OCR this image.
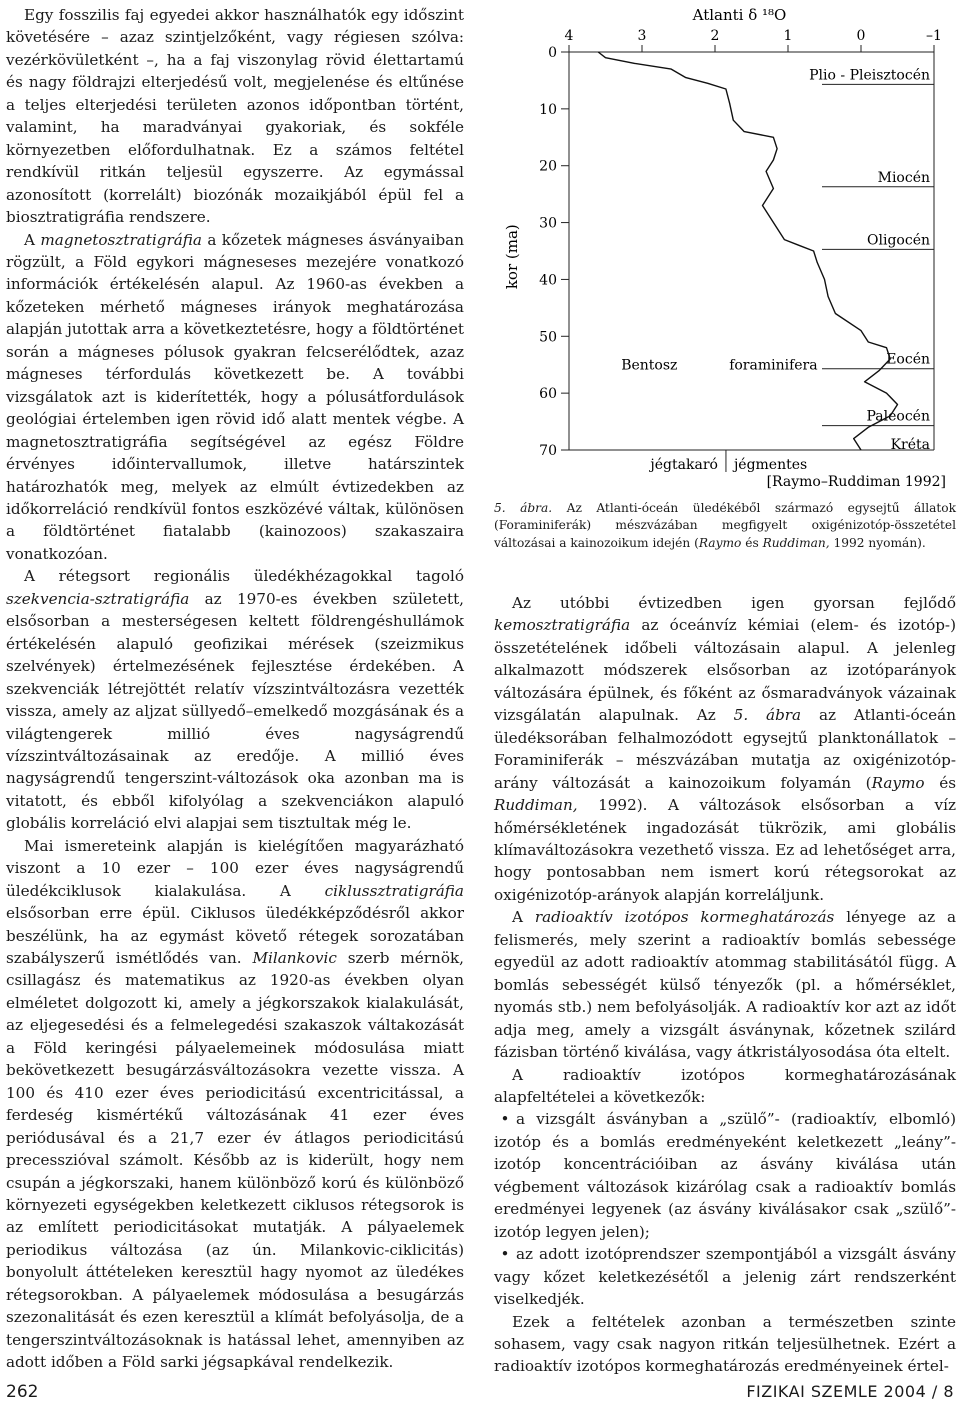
Egy fosszilis faj egyedei akkor használhatók egy időszint követésére – azaz szintjelzőként, vagy régiesen szólva: vezérkövületként –, ha a faj viszonylag rövid élettartamú és nagy földrajzi elterjedésű volt, megjelenése és eltűnése a teljes elterjedési területen azonos időpontban történt, valamint, ha maradványai gyakoriak, és sokféle környezetben előfordulhatnak. Ez a számos feltétel rendkívül ritkán teljesül egyszerre. Az egymással azonosított (korrelált) biozónák mozaikjából épül fel a biosztratigráfia rendszere.

A magnetosztratigráfia a kőzetek mágneses ásványaiban rögzült, a Föld egykori mágneseses mezejére vonatkozó információk értékelésén alapul. Az 1960-as években a kőzeteken mérhető mágneses irányok meghatározása alapján jutottak arra a következtetésre, hogy a földtörténet során a mágneses pólusok gyakran felcserélődtek, azaz mágneses térfordulás következett be. A további vizsgálatok azt is kiderítették, hogy a pólusátfordulások geológiai értelemben igen rövid idő alatt mentek végbe. A magnetosztratigráfia segítségével az egész Földre érvényes időintervallumok, illetve határszintek határozhatók meg, melyek az elmúlt évtizedekben az időkorreláció rendkívül fontos eszközévé váltak, különösen a földtörténet fiatalabb (kainozoos) szakaszaira vonatkozóan.

A rétegsort regionális üledékhézagokkal tagoló szekvencia-sztratigráfia az 1970-es években született, elsősorban a mesterségesen keltett földrengéshullámok értékelésén alapuló geofizikai mérések (szeizmikus szelvények) értelmezésének fejlesztése érdekében. A szekvenciák létrejöttét relatív vízszintváltozásra vezették vissza, amely az aljzat süllyedő–emelkedő mozgásának és a világtengerek millió éves nagyságrendű vízszintváltozásainak az eredője. A millió éves nagyságrendű tengerszint-változások oka azonban ma is vitatott, és ebből kifolyólag a szekvenciákon alapuló globális korreláció elvi alapjai sem tisztultak még le.

Mai ismereteink alapján is kielégítően magyarázható viszont a 10 ezer – 100 ezer éves nagyságrendű üledékciklusok kialakulása. A ciklussztratigráfia elsősorban erre épül. Ciklusos üledékképződésről akkor beszélünk, ha az egymást követő rétegek sorozatában szabályszerű ismétlődés van. Milankovic szerb mérnök, csillagász és matematikus az 1920-as években olyan elméletet dolgozott ki, amely a jégkorszakok kialakulását, az eljegesedési és a felmelegedési szakaszok váltakozását a Föld keringési pályaelemeinek módosulása miatt bekövetkezett besugárzásváltozásokra vezette vissza. A 100 és 410 ezer éves periodicitású excentricitással, a ferdeség kismértékű változásának 41 ezer éves periódusával és a 21,7 ezer év átlagos periodicitású precesszióval számolt. Később az is kiderült, hogy nem csupán a jégkorszaki, hanem különböző korú és különböző környezeti egységekben keletkezett ciklusos rétegsorok is az említett periodicitásokat mutatják. A pályaelemek periodikus változása (az ún. Milankovic-ciklicitás) bonyolult áttételeken keresztül hagy nyomot az üledékes rétegsorokban. A pályaelemek módosulása a besugárzás szezonalitását és ezen keresztül a klímát befolyásolja, de a tengerszintváltozásoknak is hatással lehet, amennyiben az adott időben a Föld sarki jégsapkával rendelkezik.

Atlanti δ ¹⁸O
4	3	2	1	0	–1
0
10
20
30
40
50
60
70
kor (ma)
Plio - Pleisztocén
Miocén
Oligocén
Eocén
Paleocén
Kréta
Bentosz	foraminifera
jégtakaró jégmentes
[Raymo–Ruddiman 1992]
5. ábra. Az Atlanti-óceán üledékéből származó egysejtű állatok (Foraminiferák) mészvázában megfigyelt oxigénizotóp-összetétel változásai a kainozoikum idején (Raymo és Ruddiman, 1992 nyomán).

Az utóbbi évtizedben igen gyorsan fejlődő kemosztratigráfia az óceánvíz kémiai (elem- és izotóp-) összetételének időbeli változásain alapul. A jelenleg alkalmazott módszerek elsősorban az izotóparányok változására épülnek, és főként az ősmaradványok vázainak vizsgálatán alapulnak. Az 5. ábra az Atlanti-óceán üledéksorában felhalmozódott egysejtű planktonállatok – Foraminiferák – mészvázában mutatja az oxigénizotóp-arány változását a kainozoikum folyamán (Raymo és Ruddiman, 1992). A változások elsősorban a víz hőmérsékletének ingadozását tükrözik, ami globális klímaváltozásokra vezethető vissza. Ez ad lehetőséget arra, hogy pontosabban nem ismert korú rétegsorokat az oxigénizotóp-arányok alapján korreláljunk.

A radioaktív izotópos kormeghatározás lényege az a felismerés, mely szerint a radioaktív bomlás sebessége egyedül az adott radioaktív atommag stabilitásától függ. A bomlás sebességét külső tényezők (pl. a hőmérséklet, nyomás stb.) nem befolyásolják. A radioaktív kor azt az időt adja meg, amely a vizsgált ásványnak, kőzetnek szilárd fázisban történő kiválása, vagy átkristályosodása óta eltelt.

A radioaktív izotópos kormeghatározásának alapfeltételei a következők:

• a vizsgált ásványban a „szülő”- (radioaktív, elbomló) izotóp és a bomlás eredményeként keletkezett „leány”-izotóp koncentrációiban az ásvány kiválása után végbement változások kizárólag csak a radioaktív bomlás eredményei legyenek (az ásvány kiválásakor csak „szülő”-izotóp legyen jelen);

• az adott izotóprendszer szempontjából a vizsgált ásvány vagy kőzet keletkezésétől a jelenig zárt rendszerként viselkedjék.

Ezek a feltételek azonban a természetben szinte sohasem, vagy csak nagyon ritkán teljesülhetnek. Ezért a radioaktív izotópos kormeghatározás eredményeinek értel-

262	FIZIKAI SZEMLE 2004 / 8
